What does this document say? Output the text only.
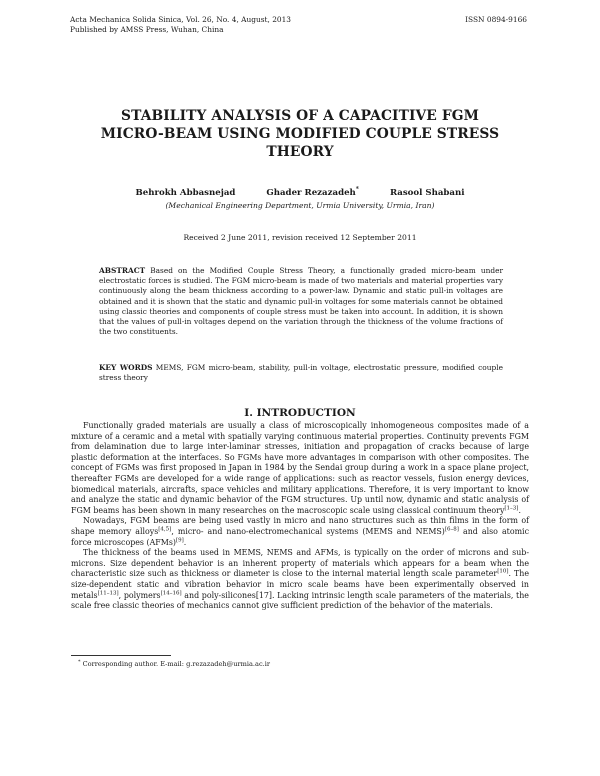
Acta Mechanica Solida Sinica, Vol. 26, No. 4, August, 2013
Published by AMSS Press, Wuhan, China
ISSN 0894-9166
STABILITY ANALYSIS OF A CAPACITIVE FGM
MICRO-BEAM USING MODIFIED COUPLE STRESS
THEORY
Behrokh Abbasnejad	Ghader Rezazadeh*	Rasool Shabani
(Mechanical Engineering Department, Urmia University, Urmia, Iran)
Received 2 June 2011, revision received 12 September 2011
ABSTRACT Based on the Modified Couple Stress Theory, a functionally graded micro-beam under electrostatic forces is studied. The FGM micro-beam is made of two materials and material properties vary continuously along the beam thickness according to a power-law. Dynamic and static pull-in voltages are obtained and it is shown that the static and dynamic pull-in voltages for some materials cannot be obtained using classic theories and components of couple stress must be taken into account. In addition, it is shown that the values of pull-in voltages depend on the variation through the thickness of the volume fractions of the two constituents.
KEY WORDS MEMS, FGM micro-beam, stability, pull-in voltage, electrostatic pressure, modified couple stress theory
I. INTRODUCTION

Functionally graded materials are usually a class of microscopically inhomogeneous composites made of a mixture of a ceramic and a metal with spatially varying continuous material properties. Continuity prevents FGM from delamination due to large inter-laminar stresses, initiation and propagation of cracks because of large plastic deformation at the interfaces. So FGMs have more advantages in comparison with other composites. The concept of FGMs was first proposed in Japan in 1984 by the Sendai group during a work in a space plane project, thereafter FGMs are developed for a wide range of applications: such as reactor vessels, fusion energy devices, biomedical materials, aircrafts, space vehicles and military applications. Therefore, it is very important to know and analyze the static and dynamic behavior of the FGM structures. Up until now, dynamic and static analysis of FGM beams has been shown in many researches on the macroscopic scale using classical continuum theory[1–3].

Nowadays, FGM beams are being used vastly in micro and nano structures such as thin films in the form of shape memory alloys[4,5], micro- and nano-electromechanical systems (MEMS and NEMS)[6–8] and also atomic force microscopes (AFMs)[9].

The thickness of the beams used in MEMS, NEMS and AFMs, is typically on the order of microns and sub-microns. Size dependent behavior is an inherent property of materials which appears for a beam when the characteristic size such as thickness or diameter is close to the internal material length scale parameter[10]. The size-dependent static and vibration behavior in micro scale beams have been experimentally observed in metals[11–13], polymers[14–16] and poly-silicones[17]. Lacking intrinsic length scale parameters of the materials, the scale free classic theories of mechanics cannot give sufficient prediction of the behavior of the materials.

* Corresponding author. E-mail: g.rezazadeh@urmia.ac.ir
